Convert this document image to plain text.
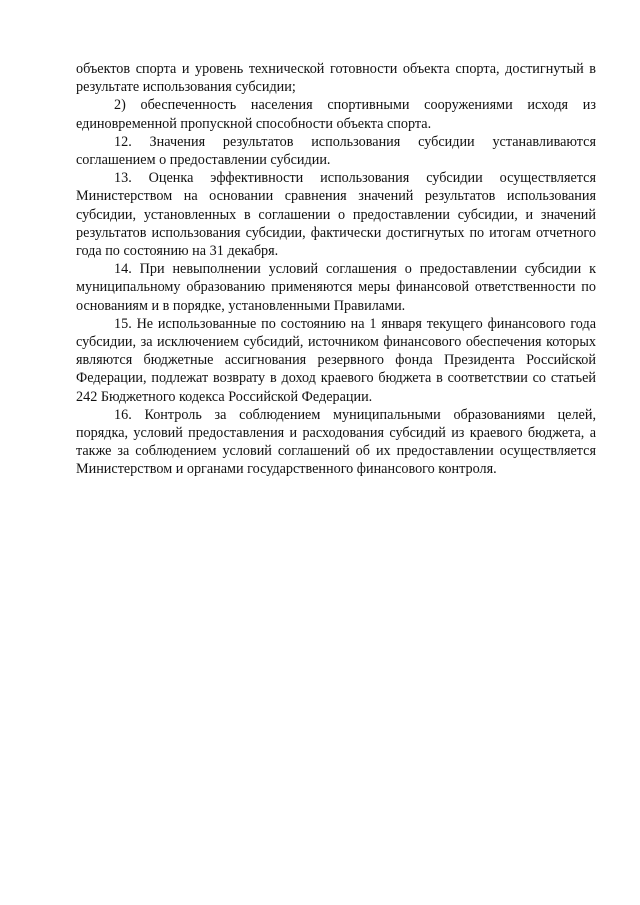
объектов спорта и уровень технической готовности объекта спорта, достигнутый в результате использования субсидии;

2) обеспеченность населения спортивными сооружениями исходя из единовременной пропускной способности объекта спорта.

12. Значения результатов использования субсидии устанавливаются соглашением о предоставлении субсидии.

13. Оценка эффективности использования субсидии осуществляется Министерством на основании сравнения значений результатов использования субсидии, установленных в соглашении о предоставлении субсидии, и значений результатов использования субсидии, фактически достигнутых по итогам отчетного года по состоянию на 31 декабря.

14. При невыполнении условий соглашения о предоставлении субсидии к муниципальному образованию применяются меры финансовой ответственности по основаниям и в порядке, установленными Правилами.

15. Не использованные по состоянию на 1 января текущего финансового года субсидии, за исключением субсидий, источником финансового обеспечения которых являются бюджетные ассигнования резервного фонда Президента Российской Федерации, подлежат возврату в доход краевого бюджета в соответствии со статьей 242 Бюджетного кодекса Российской Федерации.

16. Контроль за соблюдением муниципальными образованиями целей, порядка, условий предоставления и расходования субсидий из краевого бюджета, а также за соблюдением условий соглашений об их предоставлении осуществляется Министерством и органами государственного финансового контроля.
